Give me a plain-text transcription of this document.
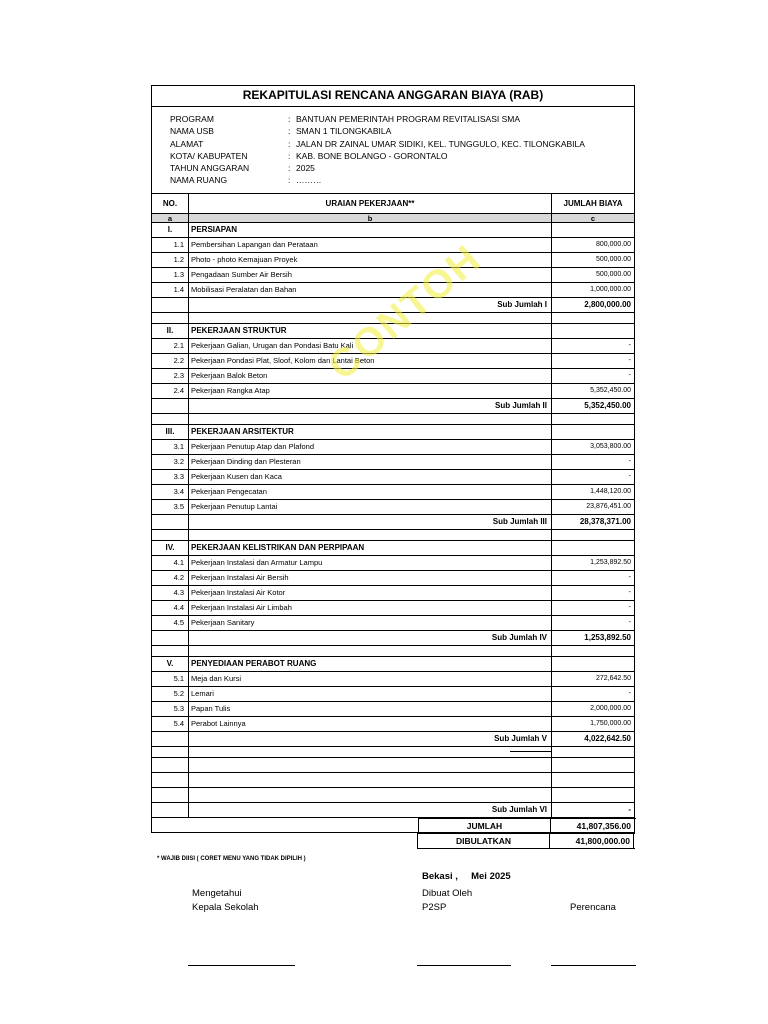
REKAPITULASI RENCANA ANGGARAN BIAYA (RAB)
PROGRAM	: BANTUAN PEMERINTAH PROGRAM REVITALISASI SMA
NAMA USB	: SMAN 1 TILONGKABILA
ALAMAT	: JALAN DR ZAINAL UMAR SIDIKI, KEL. TUNGGULO, KEC. TILONGKABILA
KOTA/ KABUPATEN	: KAB. BONE BOLANGO - GORONTALO
TAHUN ANGGARAN	: 2025
NAMA RUANG	: ………
NO.	URAIAN PEKERJAAN**	JUMLAH BIAYA
a	b	c
I.	PERSIAPAN
1.1 Pembersihan Lapangan dan Perataan	800,000.00
1.2 Photo - photo Kemajuan Proyek	500,000.00
1.3 Pengadaan Sumber Air Bersih	500,000.00
1.4 Mobilisasi Peralatan dan Bahan	1,000,000.00
Sub Jumlah I	2,800,000.00
II.	PEKERJAAN STRUKTUR
2.1 Pekerjaan Galian, Urugan dan Pondasi Batu Kali	-
2.2 Pekerjaan Pondasi Plat, Sloof, Kolom dan Lantai Beton	-
2.3 Pekerjaan Balok Beton	-
2.4 Pekerjaan Rangka Atap	5,352,450.00
Sub Jumlah II	5,352,450.00
III.	PEKERJAAN ARSITEKTUR
3.1 Pekerjaan Penutup Atap dan Plafond	3,053,800.00
3.2 Pekerjaan Dinding dan Plesteran	-
3.3 Pekerjaan Kusen dan Kaca	-
3.4 Pekerjaan Pengecatan	1,448,120.00
3.5 Pekerjaan Penutup Lantai	23,876,451.00
Sub Jumlah III	28,378,371.00
IV.	PEKERJAAN KELISTRIKAN DAN PERPIPAAN
4.1 Pekerjaan Instalasi dan Armatur Lampu	1,253,892.50
4.2 Pekerjaan Instalasi Air Bersih	-
4.3 Pekerjaan Instalasi Air Kotor	-
4.4 Pekerjaan Instalasi Air Limbah	-
4.5 Pekerjaan Sanitary	-
Sub Jumlah IV	1,253,892.50
V.	PENYEDIAAN PERABOT RUANG
5.1 Meja dan Kursi	272,642.50
5.2 Lemari	-
5.3 Papan Tulis	2,000,000.00
5.4 Perabot Lainnya	1,750,000.00
Sub Jumlah V	4,022,642.50
Sub Jumlah VI	-
JUMLAH	41,807,356.00
DIBULATKAN	41,800,000.00
CONTOH
* WAJIB DIISI ( CORET MENU YANG TIDAK DIPILIH )
Bekasi ,     Mei 2025
Mengetahui
Kepala Sekolah
Dibuat Oleh
P2SP	Perencana
